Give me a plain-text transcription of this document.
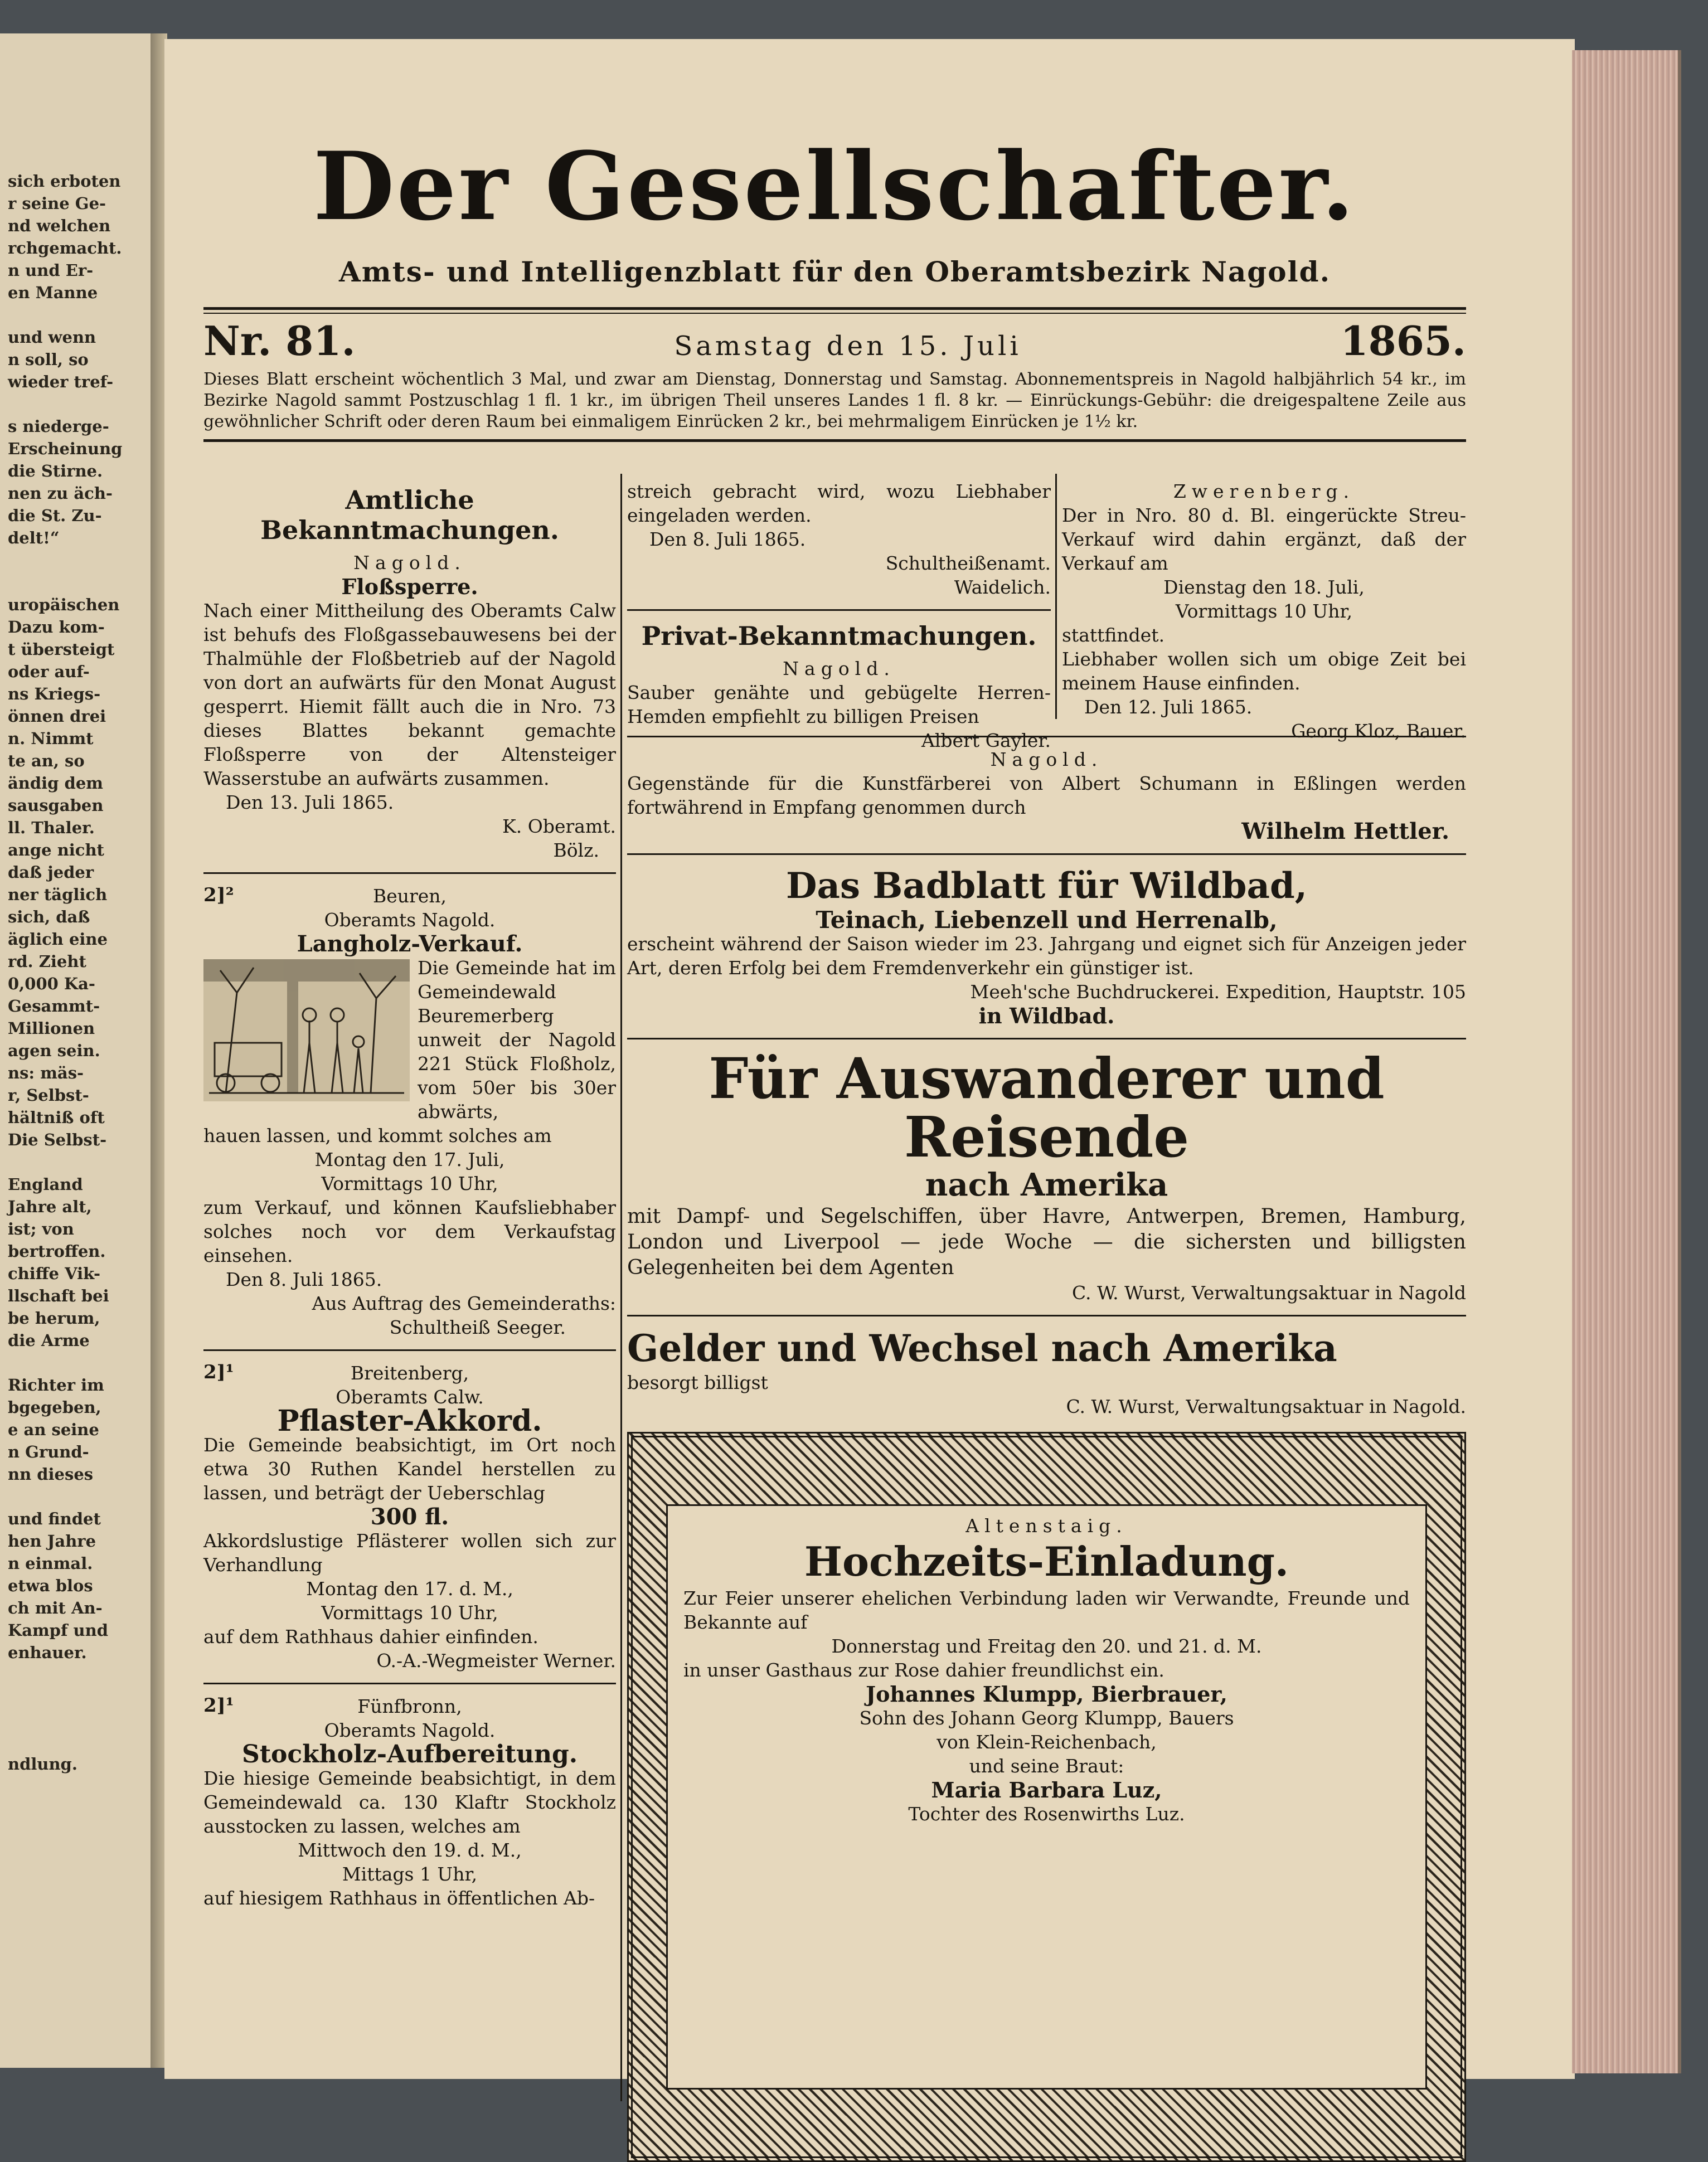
sich erboten
r seine Ge-
nd welchen
rchgemacht.
n und Er-
en Manne

und wenn
n soll, so
wieder tref-

s niederge-
Erscheinung
die Stirne.
nen zu äch-
die St. Zu-
delt!“

uropäischen
Dazu kom-
t übersteigt
oder auf-
ns Kriegs-
önnen drei
n. Nimmt
te an, so
ändig dem
sausgaben
ll. Thaler.
ange nicht
daß jeder
ner täglich
sich, daß
äglich eine
rd. Zieht
0,000 Ka-
Gesammt-
Millionen
agen sein.
ns: mäs-
r, Selbst-
hältniß oft
Die Selbst-

England
Jahre alt,
ist; von
bertroffen.
chiffe Vik-
llschaft bei
be herum,
die Arme

Richter im
bgegeben,
e an seine
n Grund-
nn dieses

und findet
hen Jahre
n einmal.
etwa blos
ch mit An-
Kampf und
enhauer.

ndlung.
Der Gesellschafter.
Amts- und Intelligenzblatt für den Oberamtsbezirk Nagold.
Nr. 81.	Samstag den 15. Juli	1865.
Dieses Blatt erscheint wöchentlich 3 Mal, und zwar am Dienstag, Donnerstag und Samstag. Abonnementspreis in Nagold halbjährlich 54 kr., im Bezirke Nagold sammt Postzuschlag 1 fl. 1 kr., im übrigen Theil unseres Landes 1 fl. 8 kr. — Einrückungs-Gebühr: die dreigespaltene Zeile aus gewöhnlicher Schrift oder deren Raum bei einmaligem Einrücken 2 kr., bei mehrmaligem Einrücken je 1½ kr.
Amtliche Bekanntmachungen.
Nagold.
Floßsperre.
Nach einer Mittheilung des Oberamts Calw ist behufs des Floßgassebauwesens bei der Thalmühle der Floßbetrieb auf der Nagold von dort an aufwärts für den Monat August gesperrt. Hiemit fällt auch die in Nro. 73 dieses Blattes bekannt gemachte Floßsperre von der Altensteiger Wasserstube an aufwärts zusammen.
Den 13. Juli 1865.
K. Oberamt.
Bölz.
2]²	Beuren,
Oberamts Nagold.
Langholz-Verkauf.
Die Gemeinde hat im Gemeindewald Beuremerberg unweit der Nagold 221 Stück Floßholz, vom 50er bis 30er abwärts,
hauen lassen, und kommt solches am
Montag den 17. Juli,
Vormittags 10 Uhr,
zum Verkauf, und können Kaufsliebhaber solches noch vor dem Verkaufstag einsehen.
Den 8. Juli 1865.
Aus Auftrag des Gemeinderaths:
Schultheiß Seeger.
2]¹	Breitenberg,
Oberamts Calw.
Pflaster-Akkord.
Die Gemeinde beabsichtigt, im Ort noch etwa 30 Ruthen Kandel herstellen zu lassen, und beträgt der Ueberschlag
300 fl.
Akkordslustige Pflästerer wollen sich zur Verhandlung
Montag den 17. d. M.,
Vormittags 10 Uhr,
auf dem Rathhaus dahier einfinden.
O.-A.-Wegmeister Werner.
2]¹	Fünfbronn,
Oberamts Nagold.
Stockholz-Aufbereitung.
Die hiesige Gemeinde beabsichtigt, in dem Gemeindewald ca. 130 Klaftr Stockholz ausstocken zu lassen, welches am
Mittwoch den 19. d. M.,
Mittags 1 Uhr,
auf hiesigem Rathhaus in öffentlichen Ab-
streich gebracht wird, wozu Liebhaber eingeladen werden.
Den 8. Juli 1865.
Schultheißenamt.
Waidelich.
Privat-Bekanntmachungen.
Nagold.
Sauber genähte und gebügelte Herren-Hemden empfiehlt zu billigen Preisen
Albert Gayler.
Zwerenberg.
Der in Nro. 80 d. Bl. eingerückte Streu-Verkauf wird dahin ergänzt, daß der Verkauf am
Dienstag den 18. Juli,
Vormittags 10 Uhr,
stattfindet.
Liebhaber wollen sich um obige Zeit bei meinem Hause einfinden.
Den 12. Juli 1865.
Georg Kloz, Bauer.
Nagold.
Gegenstände für die Kunstfärberei von Albert Schumann in Eßlingen werden fortwährend in Empfang genommen durch
Wilhelm Hettler.
Das Badblatt für Wildbad,
Teinach, Liebenzell und Herrenalb,
erscheint während der Saison wieder im 23. Jahrgang und eignet sich für Anzeigen jeder Art, deren Erfolg bei dem Fremdenverkehr ein günstiger ist.
Meeh'sche Buchdruckerei. Expedition, Hauptstr. 105
in Wildbad.
Für Auswanderer und Reisende
nach Amerika
mit Dampf- und Segelschiffen, über Havre, Antwerpen, Bremen, Hamburg, London und Liverpool — jede Woche — die sichersten und billigsten Gelegenheiten bei dem Agenten
C. W. Wurst, Verwaltungsaktuar in Nagold
Gelder und Wechsel nach Amerika
besorgt billigst
C. W. Wurst, Verwaltungsaktuar in Nagold.
Altenstaig.
Hochzeits-Einladung.
Zur Feier unserer ehelichen Verbindung laden wir Verwandte, Freunde und Bekannte auf
Donnerstag und Freitag den 20. und 21. d. M.
in unser Gasthaus zur Rose dahier freundlichst ein.
Johannes Klumpp, Bierbrauer,
Sohn des Johann Georg Klumpp, Bauers
von Klein-Reichenbach,
und seine Braut:
Maria Barbara Luz,
Tochter des Rosenwirths Luz.
